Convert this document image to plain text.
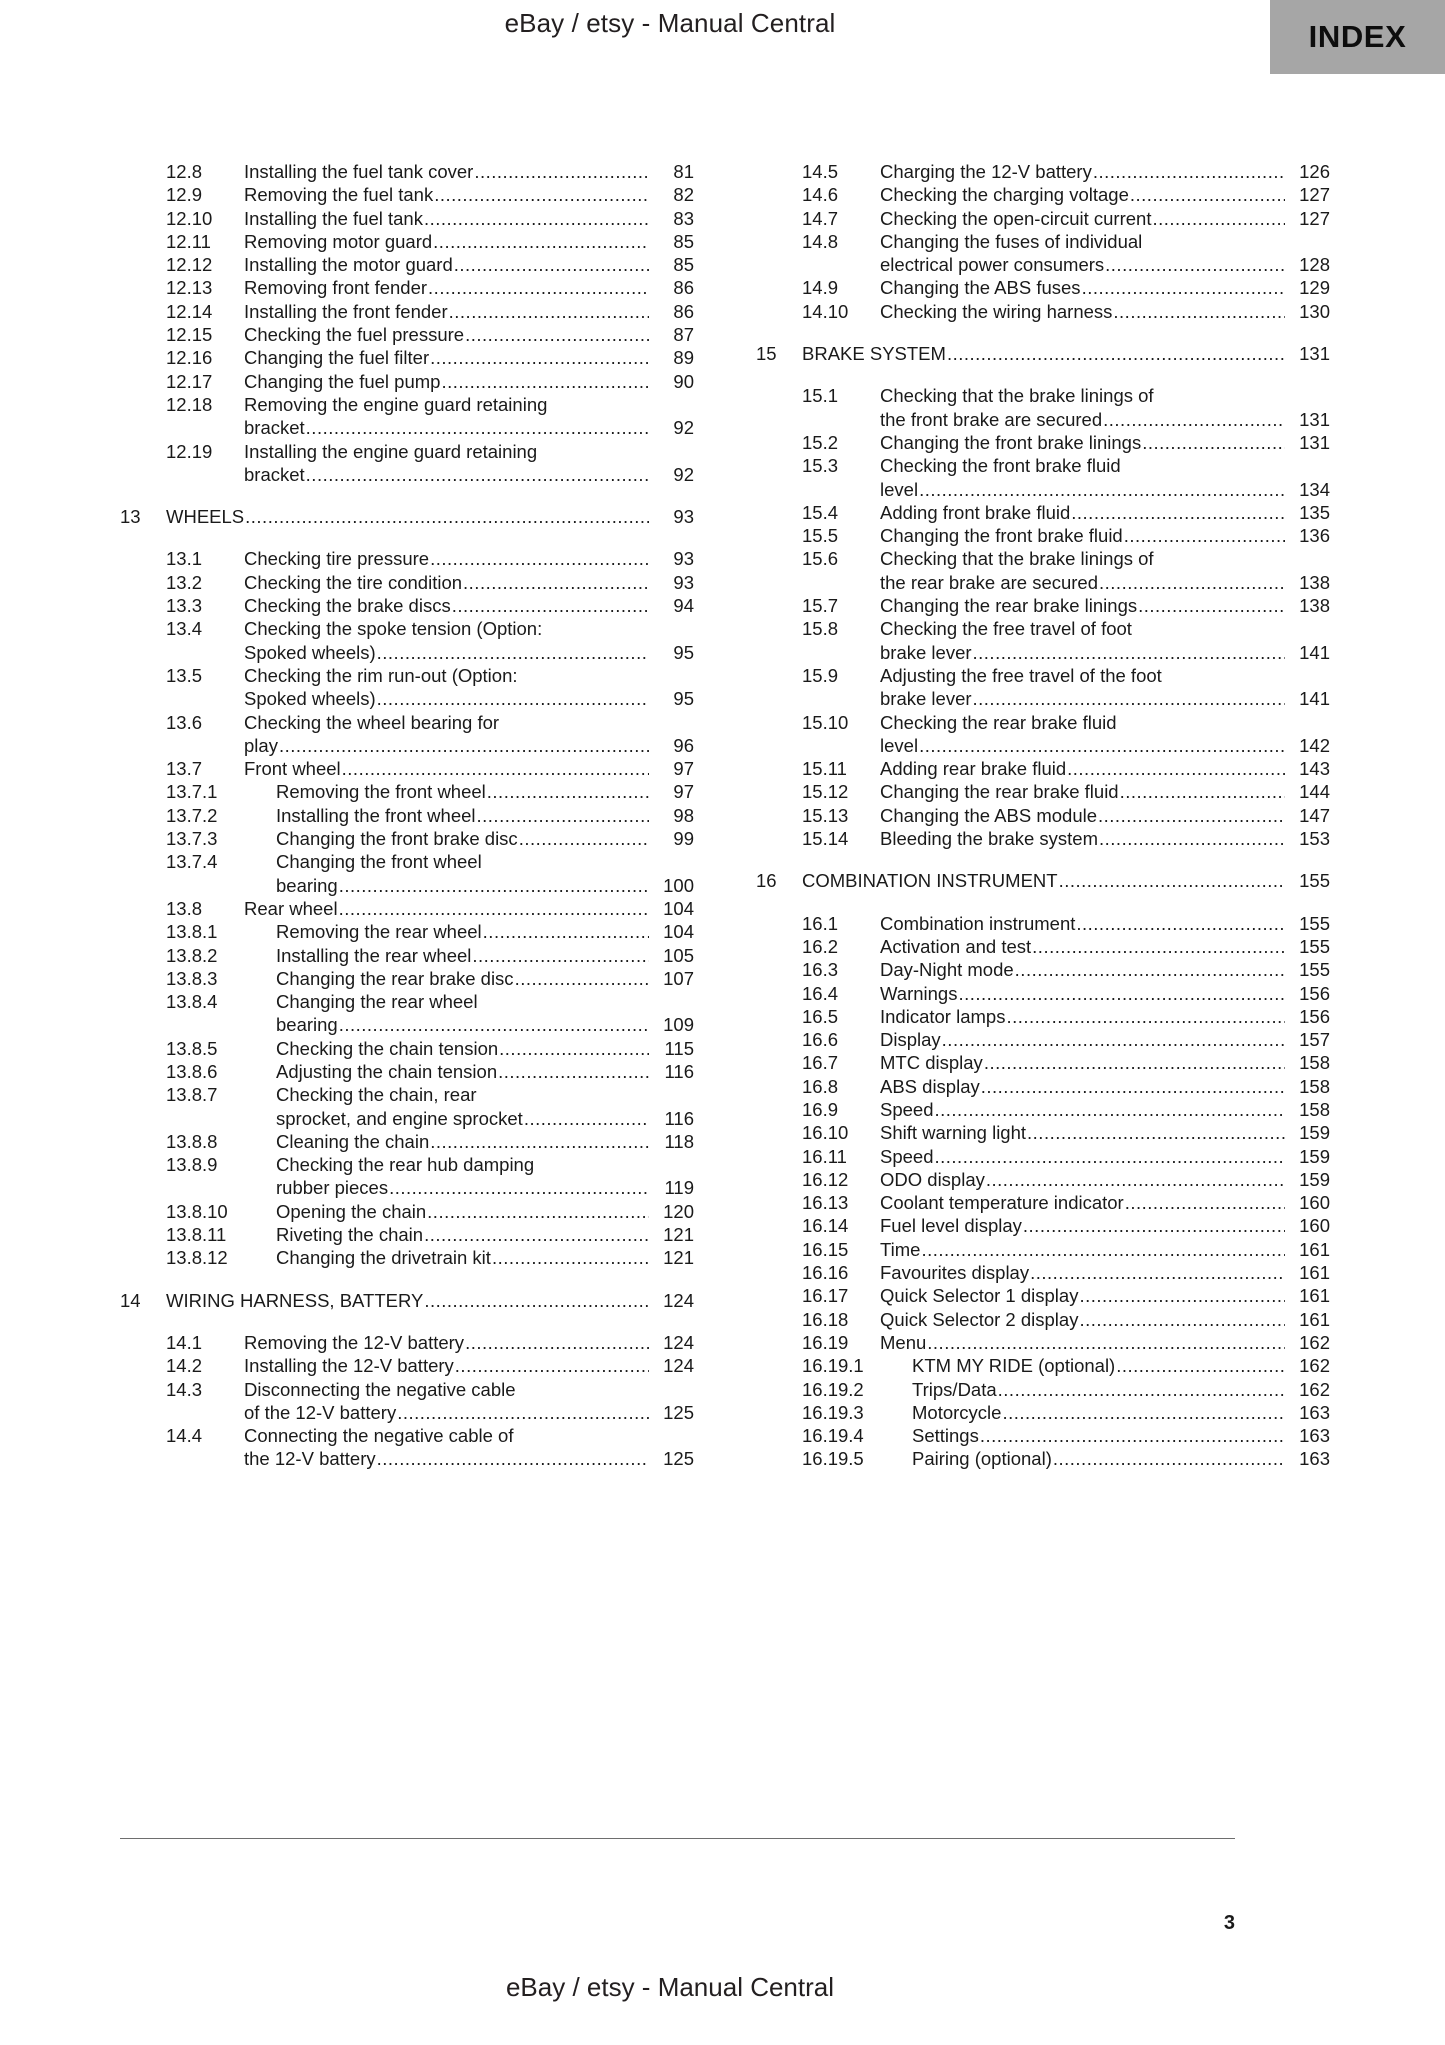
eBay / etsy - Manual Central	INDEX
12.8	Installing the fuel tank cover .....	81
12.9	Removing the fuel tank .....	82
12.10	Installing the fuel tank .....	83
12.11	Removing motor guard .....	85
12.12	Installing the motor guard .....	85
12.13	Removing front fender .....	86
12.14	Installing the front fender .....	86
12.15	Checking the fuel pressure .....	87
12.16	Changing the fuel filter .....	89
12.17	Changing the fuel pump .....	90
12.18	Removing the engine guard retaining
bracket .....	92
12.19	Installing the engine guard retaining
bracket .....	92
13	WHEELS .....	93
13.1	Checking tire pressure .....	93
13.2	Checking the tire condition .....	93
13.3	Checking the brake discs .....	94
13.4	Checking the spoke tension (Option:
Spoked wheels) .....	95
13.5	Checking the rim run-out (Option:
Spoked wheels) .....	95
13.6	Checking the wheel bearing for
play .....	96
13.7	Front wheel .....	97
13.7.1	Removing the front wheel .....	97
13.7.2	Installing the front wheel .....	98
13.7.3	Changing the front brake disc .....	99
13.7.4	Changing the front wheel
bearing .....	100
13.8	Rear wheel .....	104
13.8.1	Removing the rear wheel .....	104
13.8.2	Installing the rear wheel .....	105
13.8.3	Changing the rear brake disc .....	107
13.8.4	Changing the rear wheel
bearing .....	109
13.8.5	Checking the chain tension .....	115
13.8.6	Adjusting the chain tension .....	116
13.8.7	Checking the chain, rear
sprocket, and engine sprocket .....	116
13.8.8	Cleaning the chain .....	118
13.8.9	Checking the rear hub damping
rubber pieces .....	119
13.8.10	Opening the chain .....	120
13.8.11	Riveting the chain .....	121
13.8.12	Changing the drivetrain kit .....	121
14	WIRING HARNESS, BATTERY .....	124
14.1	Removing the 12-V battery .....	124
14.2	Installing the 12-V battery .....	124
14.3	Disconnecting the negative cable
of the 12-V battery .....	125
14.4	Connecting the negative cable of
the 12-V battery .....	125
14.5	Charging the 12-V battery .....	126
14.6	Checking the charging voltage .....	127
14.7	Checking the open-circuit current .....	127
14.8	Changing the fuses of individual
electrical power consumers .....	128
14.9	Changing the ABS fuses .....	129
14.10	Checking the wiring harness .....	130
15	BRAKE SYSTEM .....	131
15.1	Checking that the brake linings of
the front brake are secured .....	131
15.2	Changing the front brake linings .....	131
15.3	Checking the front brake fluid
level .....	134
15.4	Adding front brake fluid .....	135
15.5	Changing the front brake fluid .....	136
15.6	Checking that the brake linings of
the rear brake are secured .....	138
15.7	Changing the rear brake linings .....	138
15.8	Checking the free travel of foot
brake lever .....	141
15.9	Adjusting the free travel of the foot
brake lever .....	141
15.10	Checking the rear brake fluid
level .....	142
15.11	Adding rear brake fluid .....	143
15.12	Changing the rear brake fluid .....	144
15.13	Changing the ABS module .....	147
15.14	Bleeding the brake system .....	153
16	COMBINATION INSTRUMENT .....	155
16.1	Combination instrument .....	155
16.2	Activation and test .....	155
16.3	Day-Night mode .....	155
16.4	Warnings .....	156
16.5	Indicator lamps .....	156
16.6	Display .....	157
16.7	MTC display .....	158
16.8	ABS display .....	158
16.9	Speed .....	158
16.10	Shift warning light .....	159
16.11	Speed .....	159
16.12	ODO display .....	159
16.13	Coolant temperature indicator .....	160
16.14	Fuel level display .....	160
16.15	Time .....	161
16.16	Favourites display .....	161
16.17	Quick Selector 1 display .....	161
16.18	Quick Selector 2 display .....	161
16.19	Menu .....	162
16.19.1	KTM MY RIDE (optional) .....	162
16.19.2	Trips/Data .....	162
16.19.3	Motorcycle .....	163
16.19.4	Settings .....	163
16.19.5	Pairing (optional) .....	163
3
eBay / etsy - Manual Central
